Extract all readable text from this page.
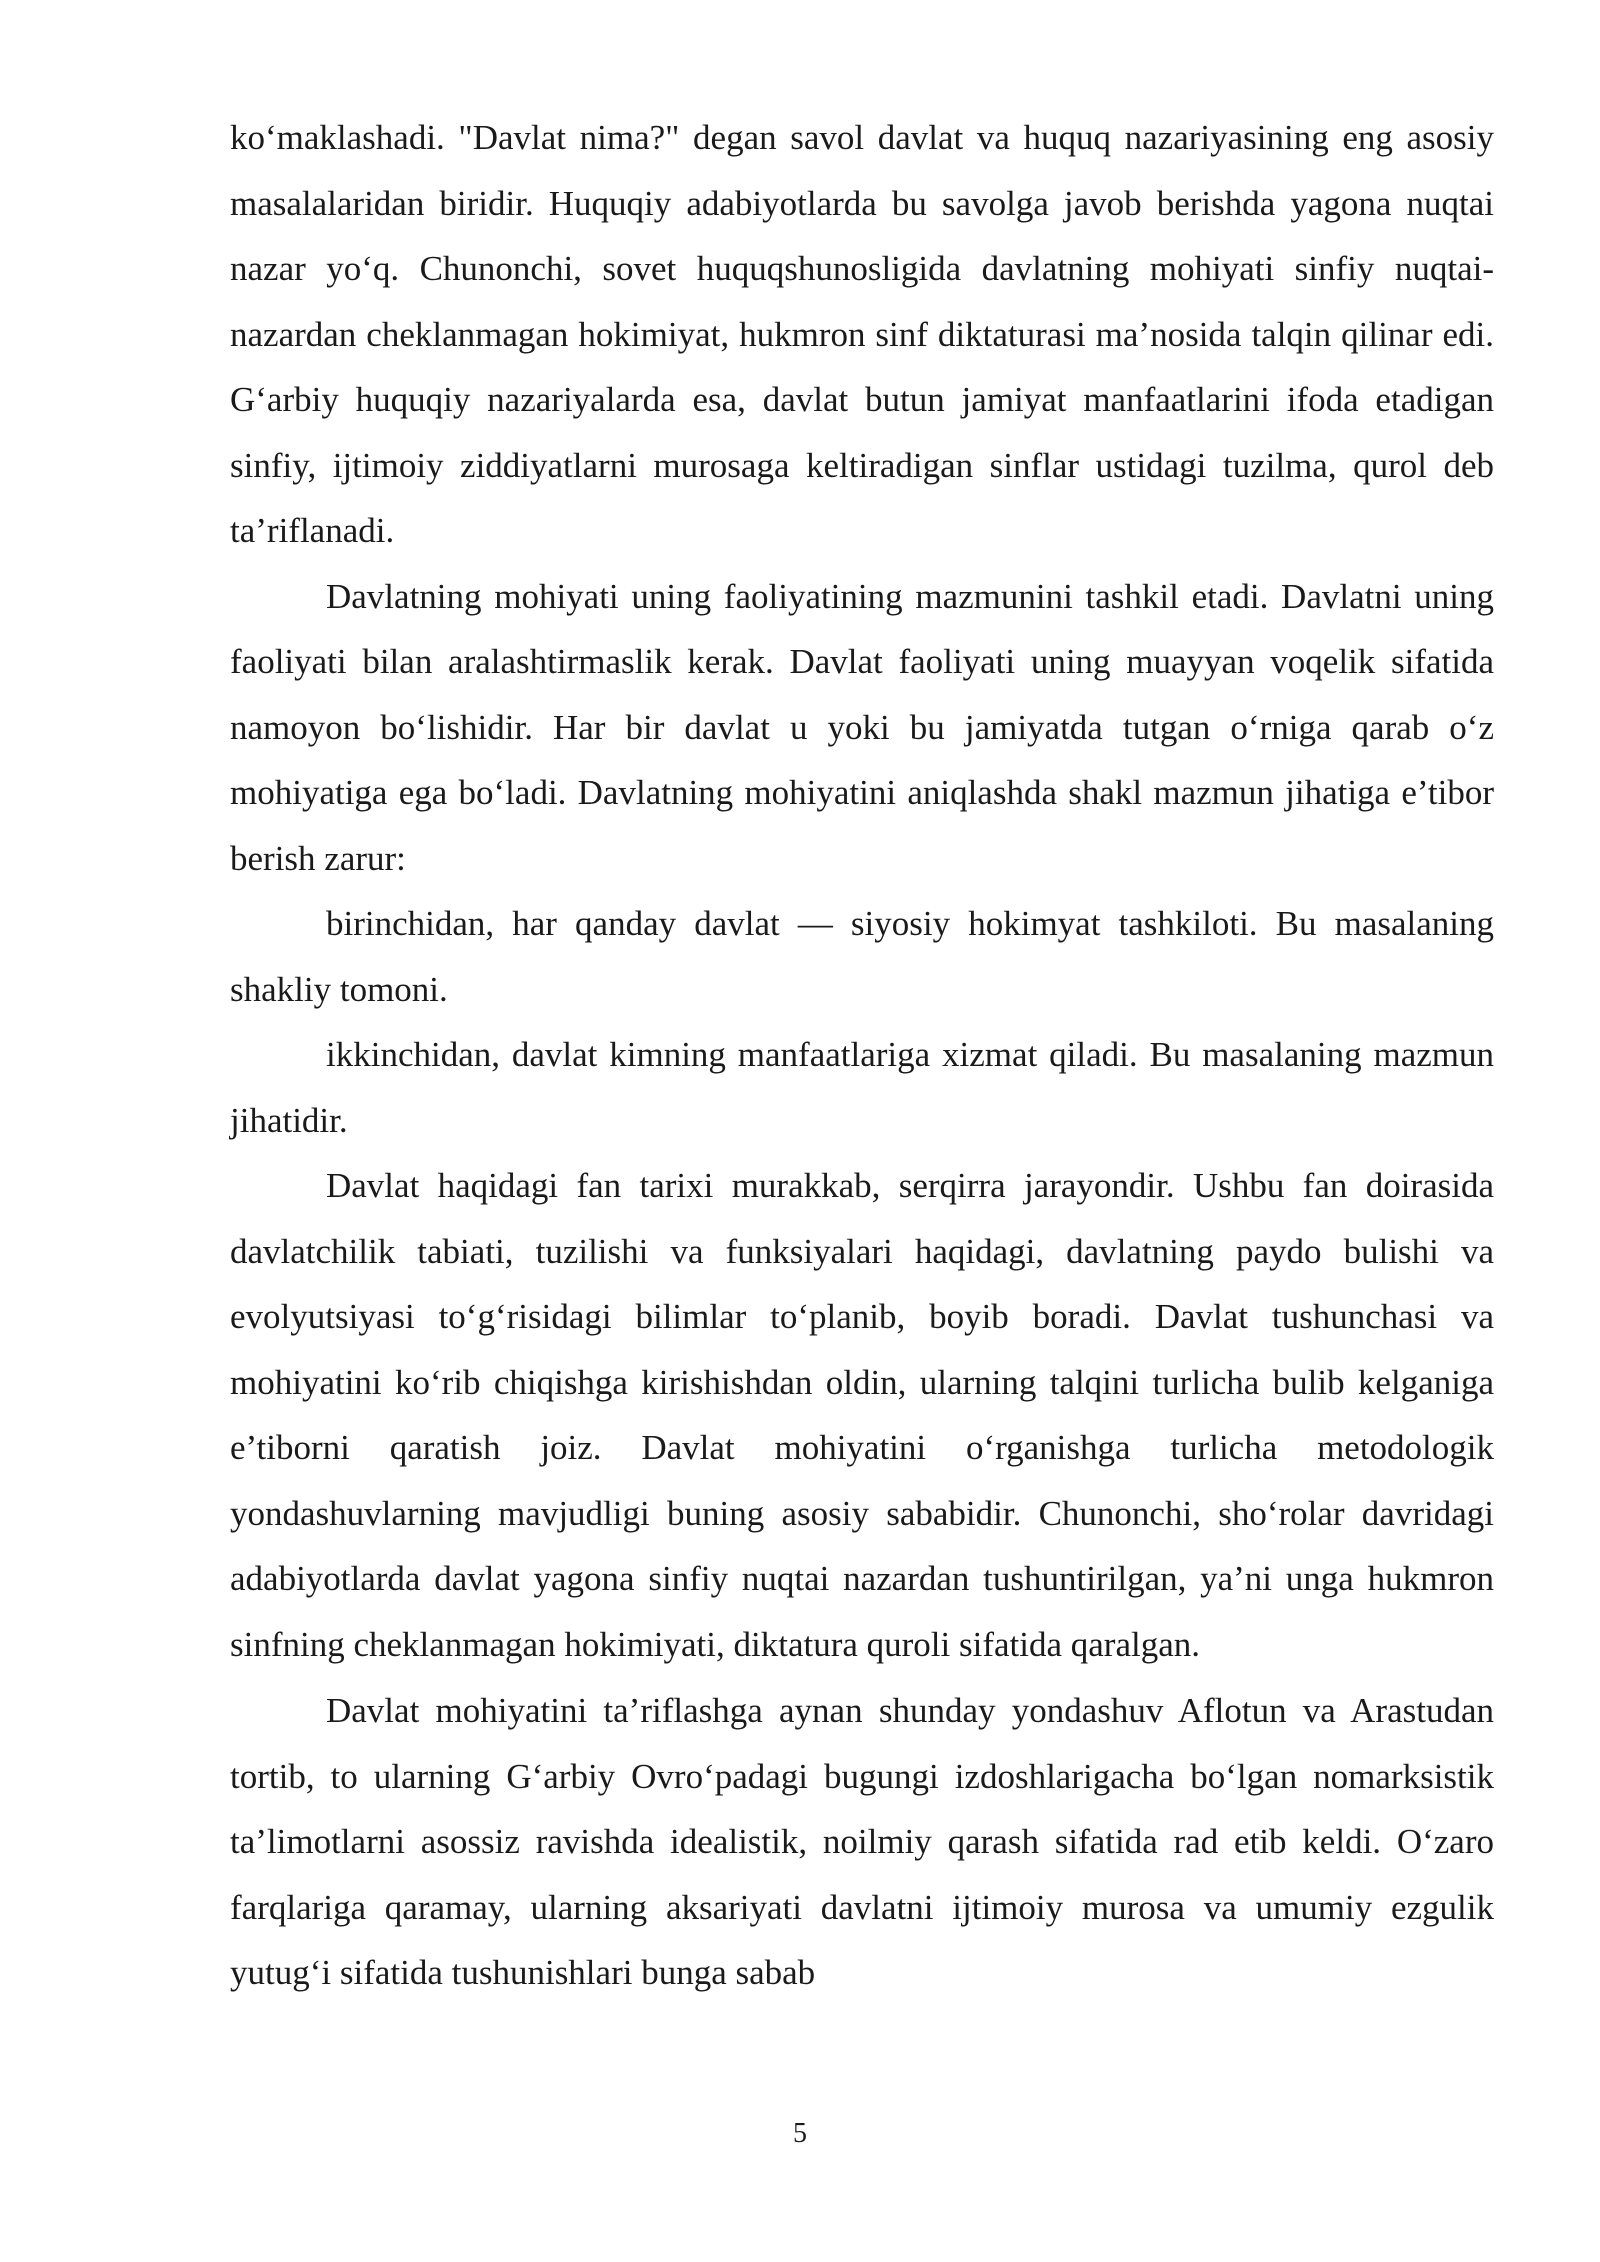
ko‘maklashadi. "Davlat nima?" degan savol davlat va huquq nazariyasining eng asosiy masalalaridan biridir. Huquqiy adabiyotlarda bu savolga javob berishda yagona nuqtai nazar yo‘q. Chunonchi, sovet huquqshunosligida davlatning mohiyati sinfiy nuqtai-nazardan cheklanmagan hokimiyat, hukmron sinf diktaturasi ma’nosida talqin qilinar edi. G‘arbiy huquqiy nazariyalarda esa, davlat butun jamiyat manfaatlarini ifoda etadigan sinfiy, ijtimoiy ziddiyatlarni murosaga keltiradigan sinflar ustidagi tuzilma, qurol deb ta’riflanadi.

Davlatning mohiyati uning faoliyatining mazmunini tashkil etadi. Davlatni uning faoliyati bilan aralashtirmaslik kerak. Davlat faoliyati uning muayyan voqelik sifatida namoyon bo‘lishidir. Har bir davlat u yoki bu jamiyatda tutgan o‘rniga qarab o‘z mohiyatiga ega bo‘ladi. Davlatning mohiyatini aniqlashda shakl mazmun jihatiga e’tibor berish zarur:

birinchidan, har qanday davlat — siyosiy hokimyat tashkiloti. Bu masalaning shakliy tomoni.

ikkinchidan, davlat kimning manfaatlariga xizmat qiladi. Bu masalaning mazmun jihatidir.

Davlat haqidagi fan tarixi murakkab, serqirra jarayondir. Ushbu fan doirasida davlatchilik tabiati, tuzilishi va funksiyalari haqidagi, davlatning paydo bulishi va evolyutsiyasi to‘g‘risidagi bilimlar to‘planib, boyib boradi. Davlat tushunchasi va mohiyatini ko‘rib chiqishga kirishishdan oldin, ularning talqini turlicha bulib kelganiga e’tiborni qaratish joiz. Davlat mohiyatini o‘rganishga turlicha metodologik yondashuvlarning mavjudligi buning asosiy sababidir. Chunonchi, sho‘rolar davridagi adabiyotlarda davlat yagona sinfiy nuqtai nazardan tushuntirilgan, ya’ni unga hukmron sinfning cheklanmagan hokimiyati, diktatura quroli sifatida qaralgan.

Davlat mohiyatini ta’riflashga aynan shunday yondashuv Aflotun va Arastudan tortib, to ularning G‘arbiy Ovro‘padagi bugungi izdoshlarigacha bo‘lgan nomarksistik ta’limotlarni asossiz ravishda idealistik, noilmiy qarash sifatida rad etib keldi. O‘zaro farqlariga qaramay, ularning aksariyati davlatni ijtimoiy murosa va umumiy ezgulik yutug‘i sifatida tushunishlari bunga sabab

5
